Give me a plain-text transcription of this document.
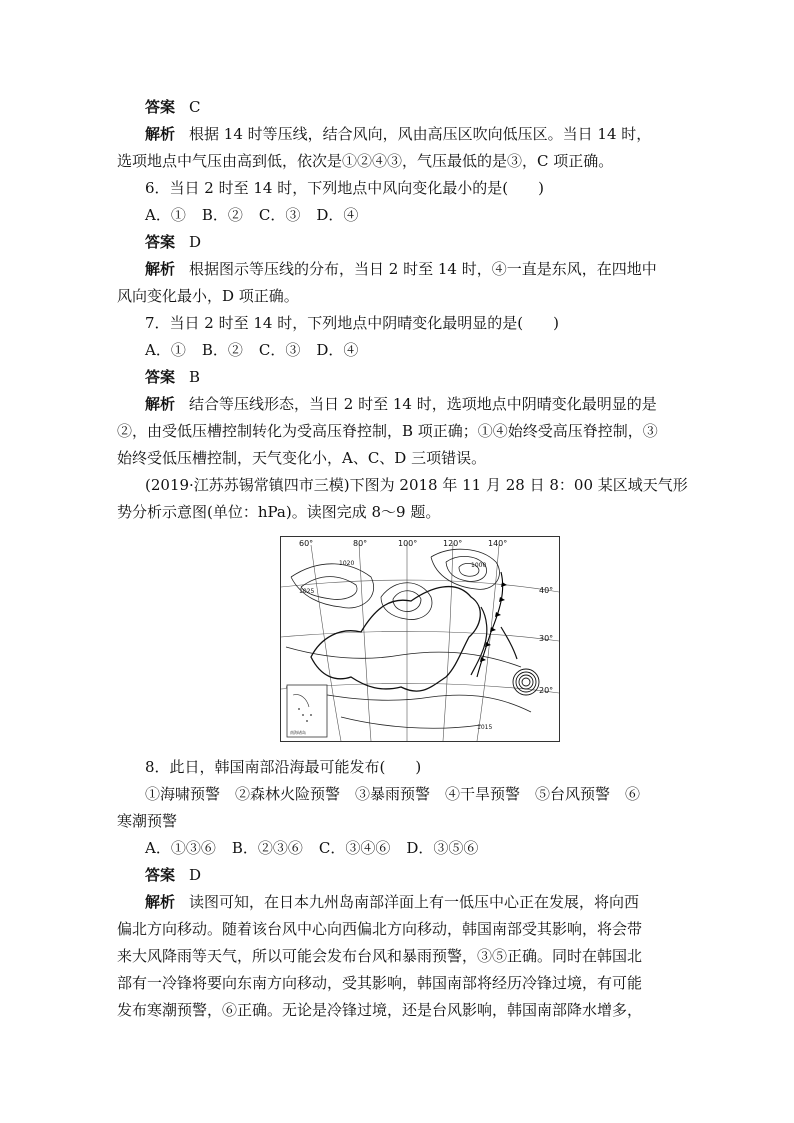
答案 C
解析 根据 14 时等压线，结合风向，风由高压区吹向低压区。当日 14 时，
选项地点中气压由高到低，依次是①②④③，气压最低的是③，C 项正确。
6．当日 2 时至 14 时，下列地点中风向变化最小的是(　　)
A．① B．② C．③ D．④
答案 D
解析 根据图示等压线的分布，当日 2 时至 14 时，④一直是东风，在四地中
风向变化最小，D 项正确。
7．当日 2 时至 14 时，下列地点中阴晴变化最明显的是(　　)
A．① B．② C．③ D．④
答案 B
解析 结合等压线形态，当日 2 时至 14 时，选项地点中阴晴变化最明显的是
②，由受低压槽控制转化为受高压脊控制，B 项正确；①④始终受高压脊控制，③
始终受低压槽控制，天气变化小，A、C、D 三项错误。
(2019·江苏苏锡常镇四市三模)下图为 2018 年 11 月 28 日 8：00 某区域天气形
势分析示意图(单位：hPa)。读图完成 8～9 题。
60°	80°	100°	120°	140°
40°
30°
20°
1025
1020	1000
1015
南海诸岛
8．此日，韩国南部沿海最可能发布(　　)
①海啸预警　②森林火险预警　③暴雨预警　④干旱预警　⑤台风预警　⑥
寒潮预警
A．①③⑥ B．②③⑥ C．③④⑥ D．③⑤⑥
答案 D
解析 读图可知，在日本九州岛南部洋面上有一低压中心正在发展，将向西
偏北方向移动。随着该台风中心向西偏北方向移动，韩国南部受其影响，将会带
来大风降雨等天气，所以可能会发布台风和暴雨预警，③⑤正确。同时在韩国北
部有一冷锋将要向东南方向移动，受其影响，韩国南部将经历冷锋过境，有可能
发布寒潮预警，⑥正确。无论是冷锋过境，还是台风影响，韩国南部降水增多，
